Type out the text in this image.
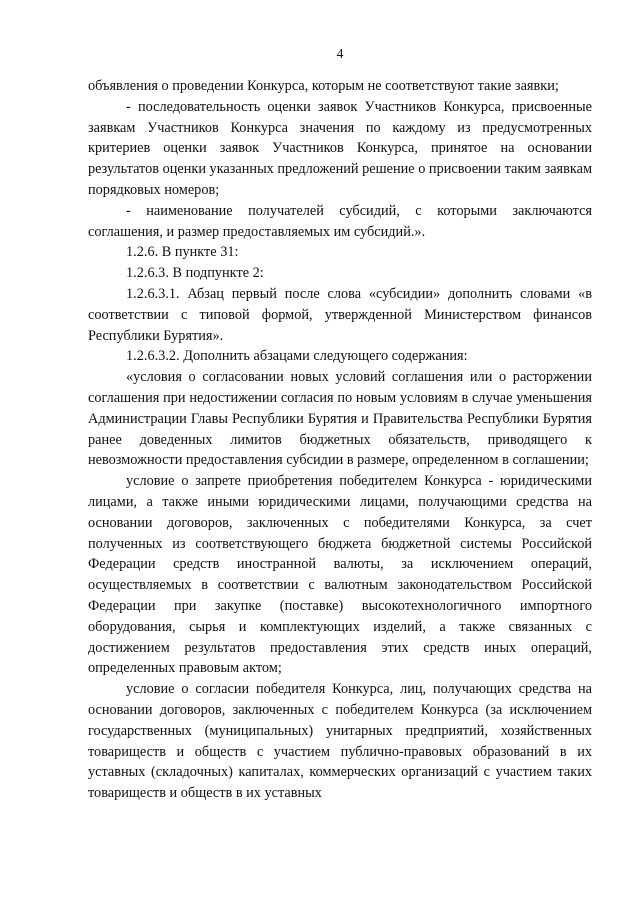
4

объявления о проведении Конкурса, которым не соответствуют такие заявки;

- последовательность оценки заявок Участников Конкурса, присвоенные заявкам Участников Конкурса значения по каждому из предусмотренных критериев оценки заявок Участников Конкурса, принятое на основании результатов оценки указанных предложений решение о присвоении таким заявкам порядковых номеров;

- наименование получателей субсидий, с которыми заключаются соглашения, и размер предоставляемых им субсидий.».

1.2.6. В пункте 31:

1.2.6.3. В подпункте 2:

1.2.6.3.1. Абзац первый после слова «субсидии» дополнить словами «в соответствии с типовой формой, утвержденной Министерством финансов Республики Бурятия».

1.2.6.3.2. Дополнить абзацами следующего содержания:

«условия о согласовании новых условий соглашения или о расторжении соглашения при недостижении согласия по новым условиям в случае уменьшения Администрации Главы Республики Бурятия и Правительства Республики Бурятия ранее доведенных лимитов бюджетных обязательств, приводящего к невозможности предоставления субсидии в размере, определенном в соглашении;

условие о запрете приобретения победителем Конкурса - юридическими лицами, а также иными юридическими лицами, получающими средства на основании договоров, заключенных с победителями Конкурса, за счет полученных из соответствующего бюджета бюджетной системы Российской Федерации средств иностранной валюты, за исключением операций, осуществляемых в соответствии с валютным законодательством Российской Федерации при закупке (поставке) высокотехнологичного импортного оборудования, сырья и комплектующих изделий, а также связанных с достижением результатов предоставления этих средств иных операций, определенных правовым актом;

условие о согласии победителя Конкурса, лиц, получающих средства на основании договоров, заключенных с победителем Конкурса (за исключением государственных (муниципальных) унитарных предприятий, хозяйственных товариществ и обществ с участием публично-правовых образований в их уставных (складочных) капиталах, коммерческих организаций с участием таких товариществ и обществ в их уставных
